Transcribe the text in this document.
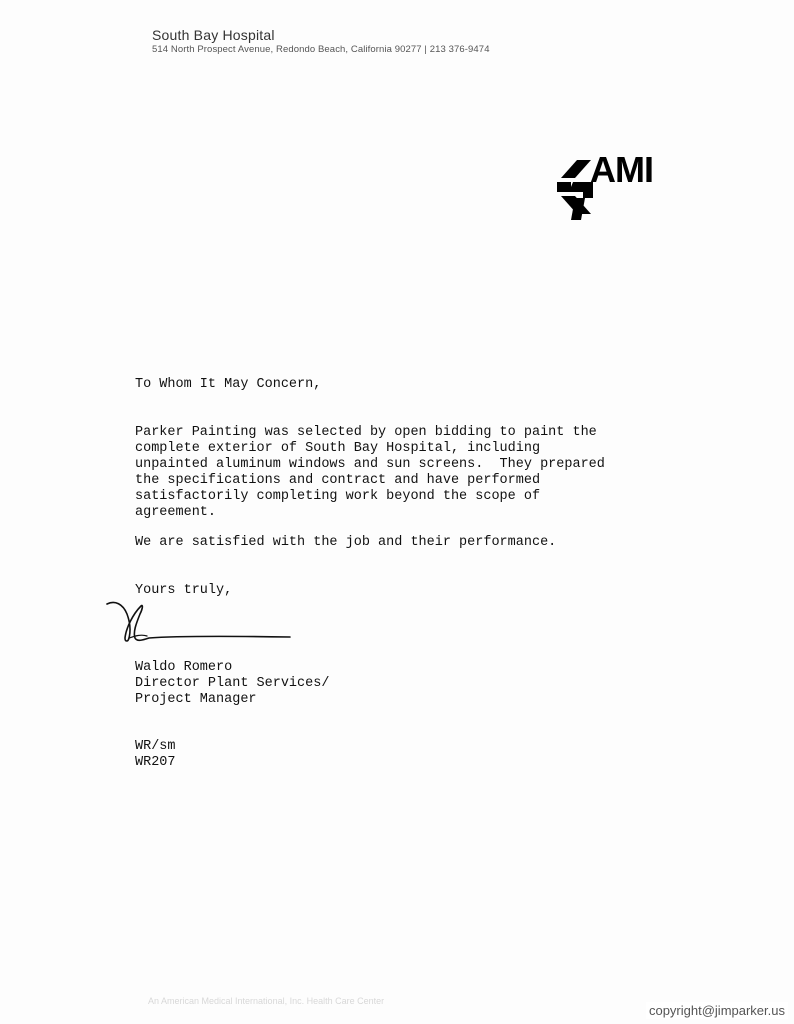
South Bay Hospital
514 North Prospect Avenue, Redondo Beach, California 90277 | 213 376-9474
AMI
To Whom It May Concern,
Parker Painting was selected by open bidding to paint the
complete exterior of South Bay Hospital, including
unpainted aluminum windows and sun screens.  They prepared
the specifications and contract and have performed
satisfactorily completing work beyond the scope of
agreement.
We are satisfied with the job and their performance.
Yours truly,
Waldo Romero
Director Plant Services/
Project Manager
WR/sm
WR207
An American Medical International, Inc. Health Care Center
copyright@jimparker.us
